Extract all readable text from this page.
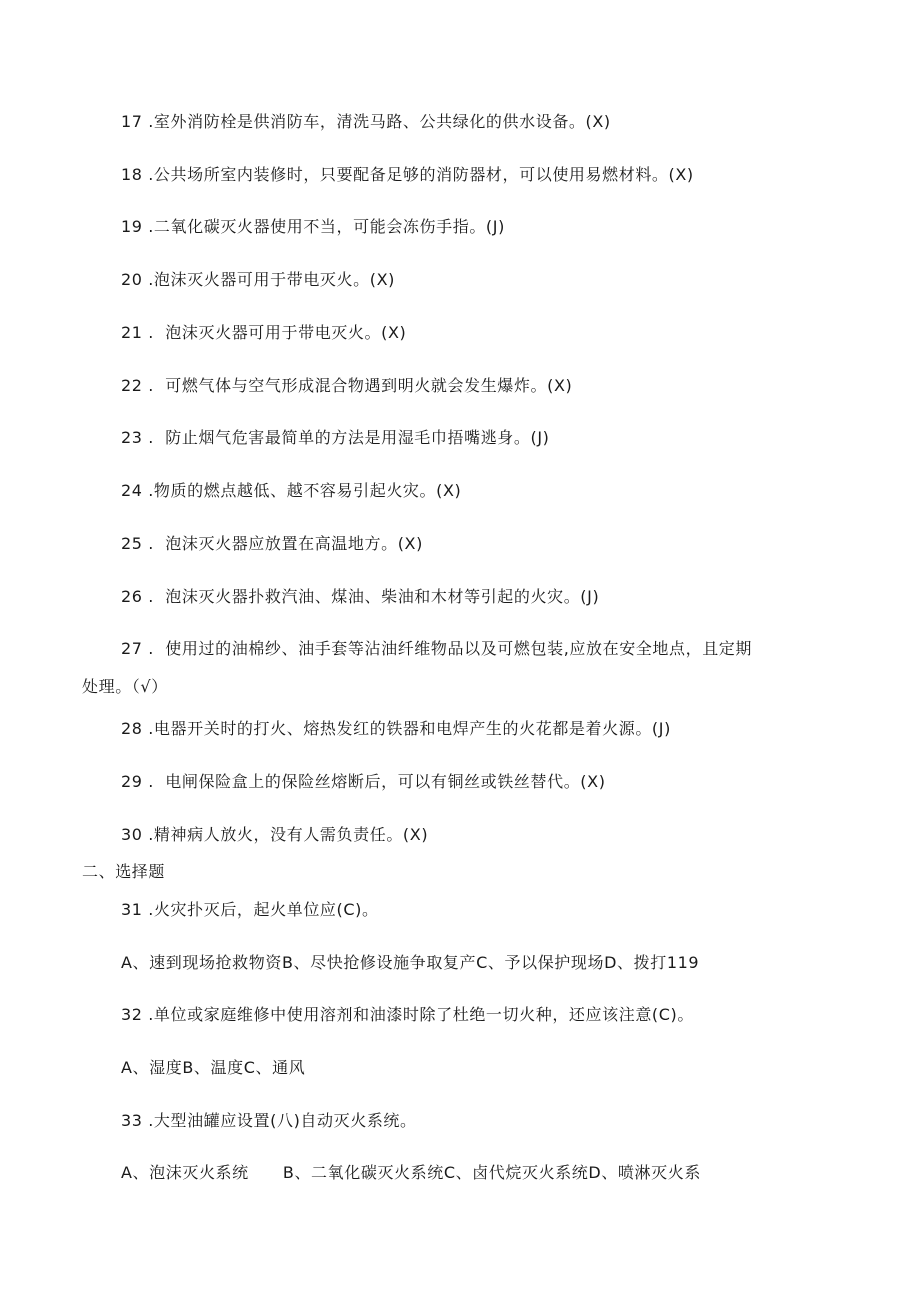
17 .室外消防栓是供消防车，清洗马路、公共绿化的供水设备。(X)
18 .公共场所室内装修时，只要配备足够的消防器材，可以使用易燃材料。(X)
19 .二氧化碳灭火器使用不当，可能会冻伤手指。(J)
20 .泡沫灭火器可用于带电灭火。(X)
21 .  泡沫灭火器可用于带电灭火。(X)
22 .  可燃气体与空气形成混合物遇到明火就会发生爆炸。(X)
23 .  防止烟气危害最简单的方法是用湿毛巾捂嘴逃身。(J)
24 .物质的燃点越低、越不容易引起火灾。(X)
25 .  泡沫灭火器应放置在高温地方。(X)
26 .  泡沫灭火器扑救汽油、煤油、柴油和木材等引起的火灾。(J)
27 .  使用过的油棉纱、油手套等沾油纤维物品以及可燃包装,应放在安全地点，且定期
处理。（√）
28 .电器开关时的打火、熔热发红的铁器和电焊产生的火花都是着火源。(J)
29 .  电闸保险盒上的保险丝熔断后，可以有铜丝或铁丝替代。(X)
30 .精神病人放火，没有人需负责任。(X)
二、选择题
31 .火灾扑灭后，起火单位应(C)。
A、速到现场抢救物资B、尽快抢修设施争取复产C、予以保护现场D、拨打119
32 .单位或家庭维修中使用溶剂和油漆时除了杜绝一切火种，还应该注意(C)。
A、湿度B、温度C、通风
33 .大型油罐应设置(八)自动灭火系统。
A、泡沫灭火系统      B、二氧化碳灭火系统C、卤代烷灭火系统D、喷淋灭火系
